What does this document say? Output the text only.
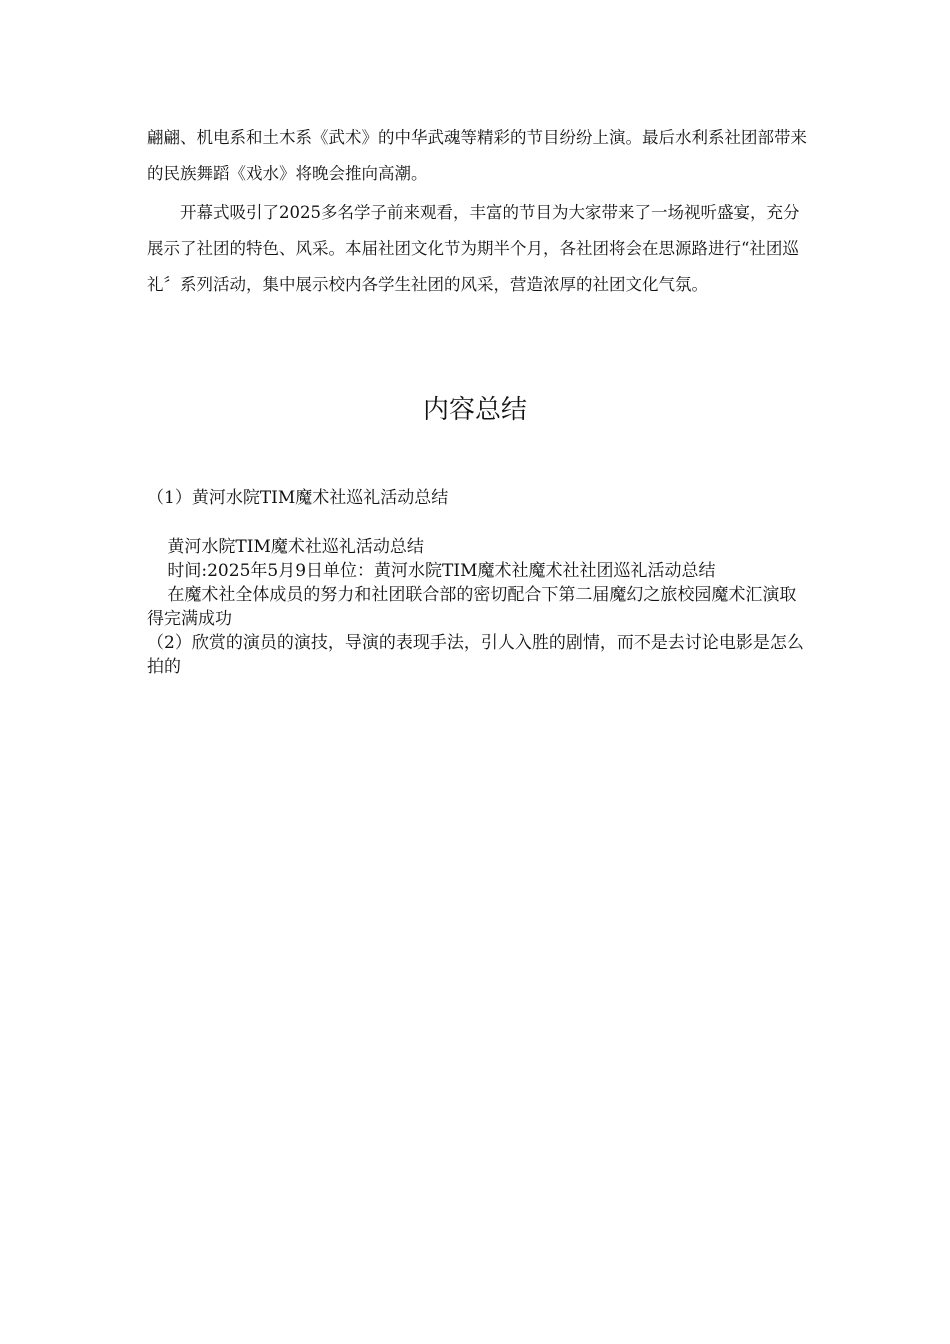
翩翩、机电系和土木系《武术》的中华武魂等精彩的节目纷纷上演。最后水利系社团部带来的民族舞蹈《戏水》将晚会推向高潮。

开幕式吸引了2025多名学子前来观看，丰富的节目为大家带来了一场视听盛宴，充分展示了社团的特色、风采。本届社团文化节为期半个月，各社团将会在思源路进行“社团巡礼〞系列活动，集中展示校内各学生社团的风采，营造浓厚的社团文化气氛。

内容总结

（1）黄河水院TIM魔术社巡礼活动总结

黄河水院TIM魔术社巡礼活动总结

时间:2025年5月9日单位：黄河水院TIM魔术社魔术社社团巡礼活动总结

在魔术社全体成员的努力和社团联合部的密切配合下第二届魔幻之旅校园魔术汇演取得完满成功

（2）欣赏的演员的演技，导演的表现手法，引人入胜的剧情，而不是去讨论电影是怎么拍的
